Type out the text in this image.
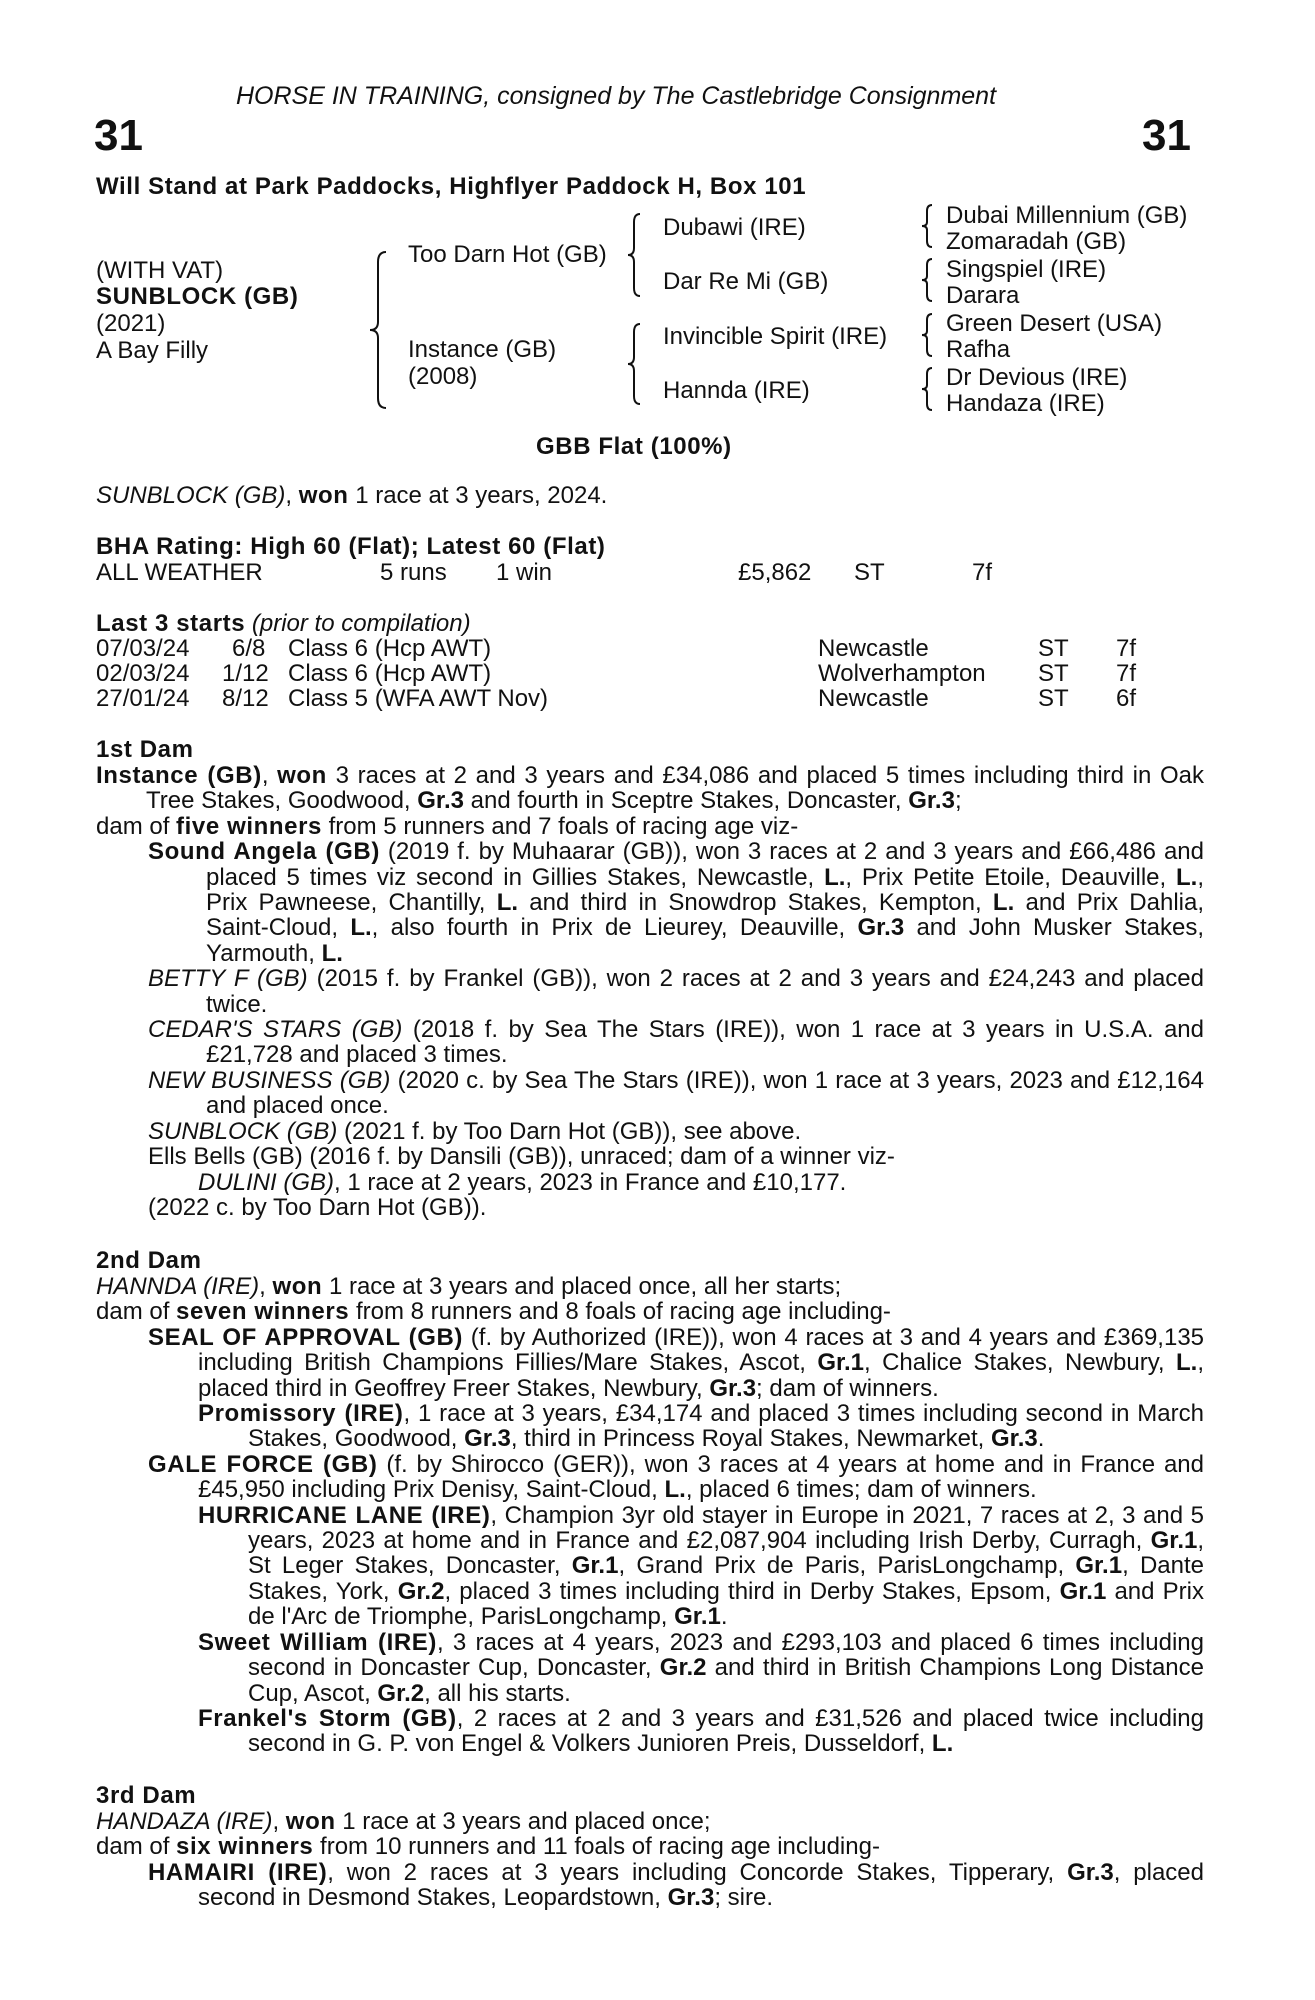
HORSE IN TRAINING, consigned by The Castlebridge Consignment
31	31
Will Stand at Park Paddocks, Highflyer Paddock H, Box 101
(WITH VAT)
SUNBLOCK (GB)
(2021)
A Bay Filly
Too Darn Hot (GB)
Instance (GB)
(2008)
Dubawi (IRE)
Dar Re Mi (GB)
Invincible Spirit (IRE)
Hannda (IRE)
Dubai Millennium (GB)
Zomaradah (GB)
Singspiel (IRE)
Darara
Green Desert (USA)
Rafha
Dr Devious (IRE)
Handaza (IRE)
GBB Flat (100%)
SUNBLOCK (GB), won 1 race at 3 years, 2024.
BHA Rating: High 60 (Flat); Latest 60 (Flat)
ALL WEATHER	5 runs 1 win	£5,862 ST	7f
Last 3 starts (prior to compilation)
07/03/24 6/8 Class 6 (Hcp AWT)	Newcastle	ST 7f
02/03/24 1/12 Class 6 (Hcp AWT)	Wolverhampton ST 7f
27/01/24 8/12 Class 5 (WFA AWT Nov)	Newcastle	ST 6f
1st Dam

Instance (GB), won 3 races at 2 and 3 years and £34,086 and placed 5 times including third in Oak Tree Stakes, Goodwood, Gr.3 and fourth in Sceptre Stakes, Doncaster, Gr.3;

dam of five winners from 5 runners and 7 foals of racing age viz-

Sound Angela (GB) (2019 f. by Muhaarar (GB)), won 3 races at 2 and 3 years and £66,486 and placed 5 times viz second in Gillies Stakes, Newcastle, L., Prix Petite Etoile, Deauville, L., Prix Pawneese, Chantilly, L. and third in Snowdrop Stakes, Kempton, L. and Prix Dahlia, Saint-Cloud, L., also fourth in Prix de Lieurey, Deauville, Gr.3 and John Musker Stakes, Yarmouth, L.

BETTY F (GB) (2015 f. by Frankel (GB)), won 2 races at 2 and 3 years and £24,243 and placed twice.

CEDAR'S STARS (GB) (2018 f. by Sea The Stars (IRE)), won 1 race at 3 years in U.S.A. and £21,728 and placed 3 times.

NEW BUSINESS (GB) (2020 c. by Sea The Stars (IRE)), won 1 race at 3 years, 2023 and £12,164 and placed once.

SUNBLOCK (GB) (2021 f. by Too Darn Hot (GB)), see above.

Ells Bells (GB) (2016 f. by Dansili (GB)), unraced; dam of a winner viz-

DULINI (GB), 1 race at 2 years, 2023 in France and £10,177.

(2022 c. by Too Darn Hot (GB)).

2nd Dam

HANNDA (IRE), won 1 race at 3 years and placed once, all her starts;

dam of seven winners from 8 runners and 8 foals of racing age including-

SEAL OF APPROVAL (GB) (f. by Authorized (IRE)), won 4 races at 3 and 4 years and £369,135 including British Champions Fillies/Mare Stakes, Ascot, Gr.1, Chalice Stakes, Newbury, L., placed third in Geoffrey Freer Stakes, Newbury, Gr.3; dam of winners.

Promissory (IRE), 1 race at 3 years, £34,174 and placed 3 times including second in March Stakes, Goodwood, Gr.3, third in Princess Royal Stakes, Newmarket, Gr.3.

GALE FORCE (GB) (f. by Shirocco (GER)), won 3 races at 4 years at home and in France and £45,950 including Prix Denisy, Saint-Cloud, L., placed 6 times; dam of winners.

HURRICANE LANE (IRE), Champion 3yr old stayer in Europe in 2021, 7 races at 2, 3 and 5 years, 2023 at home and in France and £2,087,904 including Irish Derby, Curragh, Gr.1, St Leger Stakes, Doncaster, Gr.1, Grand Prix de Paris, ParisLongchamp, Gr.1, Dante Stakes, York, Gr.2, placed 3 times including third in Derby Stakes, Epsom, Gr.1 and Prix de l'Arc de Triomphe, ParisLongchamp, Gr.1.

Sweet William (IRE), 3 races at 4 years, 2023 and £293,103 and placed 6 times including second in Doncaster Cup, Doncaster, Gr.2 and third in British Champions Long Distance Cup, Ascot, Gr.2, all his starts.

Frankel's Storm (GB), 2 races at 2 and 3 years and £31,526 and placed twice including second in G. P. von Engel & Volkers Junioren Preis, Dusseldorf, L.

3rd Dam

HANDAZA (IRE), won 1 race at 3 years and placed once;

dam of six winners from 10 runners and 11 foals of racing age including-

HAMAIRI (IRE), won 2 races at 3 years including Concorde Stakes, Tipperary, Gr.3, placed second in Desmond Stakes, Leopardstown, Gr.3; sire.
